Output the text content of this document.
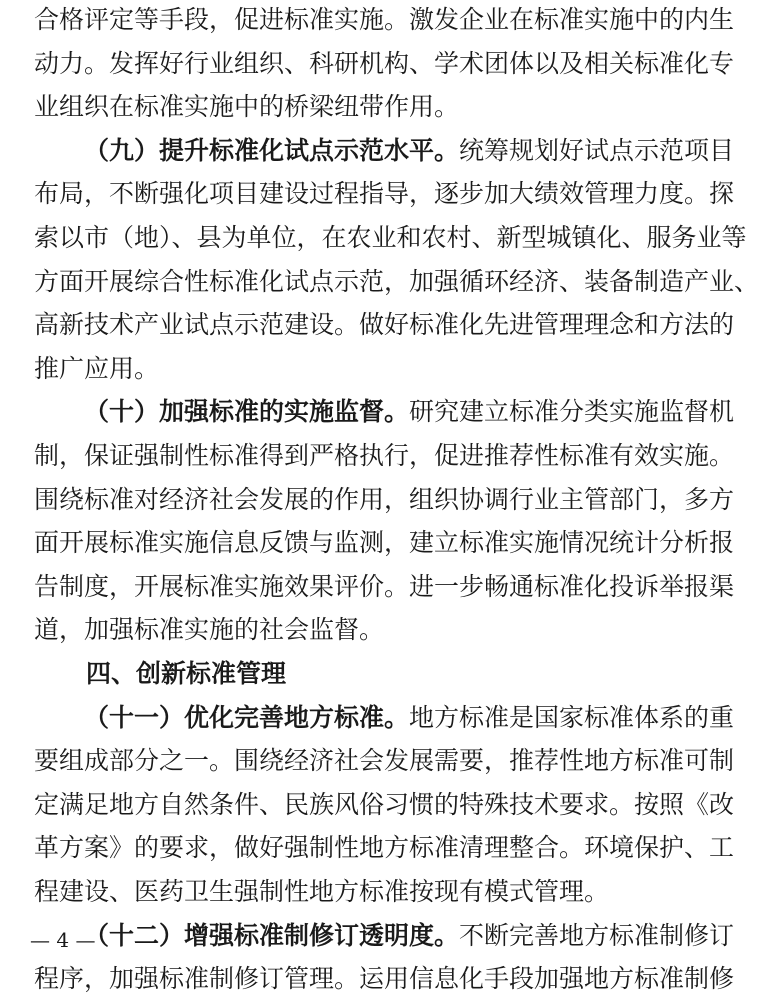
合格评定等手段，促进标准实施。激发企业在标准实施中的内生
动力。发挥好行业组织、科研机构、学术团体以及相关标准化专
业组织在标准实施中的桥梁纽带作用。
（九）提升标准化试点示范水平。统筹规划好试点示范项目
布局，不断强化项目建设过程指导，逐步加大绩效管理力度。探
索以市（地）、县为单位，在农业和农村、新型城镇化、服务业等
方面开展综合性标准化试点示范，加强循环经济、装备制造产业、
高新技术产业试点示范建设。做好标准化先进管理理念和方法的
推广应用。
（十）加强标准的实施监督。研究建立标准分类实施监督机
制，保证强制性标准得到严格执行，促进推荐性标准有效实施。
围绕标准对经济社会发展的作用，组织协调行业主管部门，多方
面开展标准实施信息反馈与监测，建立标准实施情况统计分析报
告制度，开展标准实施效果评价。进一步畅通标准化投诉举报渠
道，加强标准实施的社会监督。
四、创新标准管理
（十一）优化完善地方标准。地方标准是国家标准体系的重
要组成部分之一。围绕经济社会发展需要，推荐性地方标准可制
定满足地方自然条件、民族风俗习惯的特殊技术要求。按照《改
革方案》的要求，做好强制性地方标准清理整合。环境保护、工
程建设、医药卫生强制性地方标准按现有模式管理。
（十二）增强标准制修订透明度。不断完善地方标准制修订
程序，加强标准制修订管理。运用信息化手段加强地方标准制修
— 4 —
